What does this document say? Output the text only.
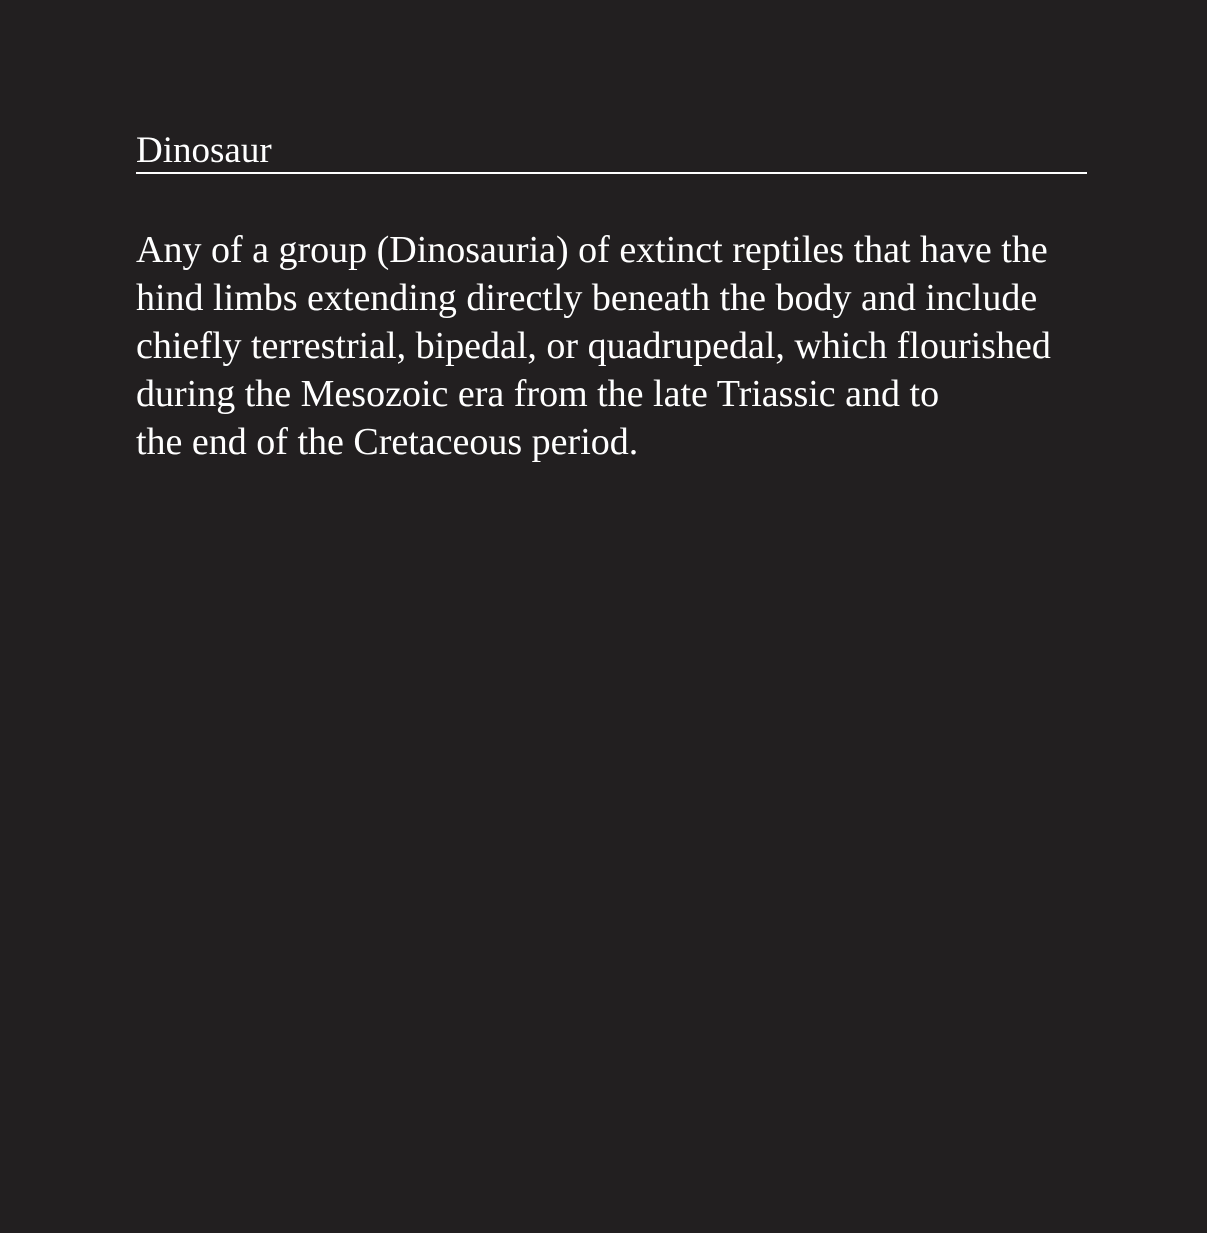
Dinosaur

Any of a group (Dinosauria) of extinct reptiles that have the
hind limbs extending directly beneath the body and include
chiefly terrestrial, bipedal, or quadrupedal, which flourished
during the Mesozoic era from the late Triassic and to
the end of the Cretaceous period.
